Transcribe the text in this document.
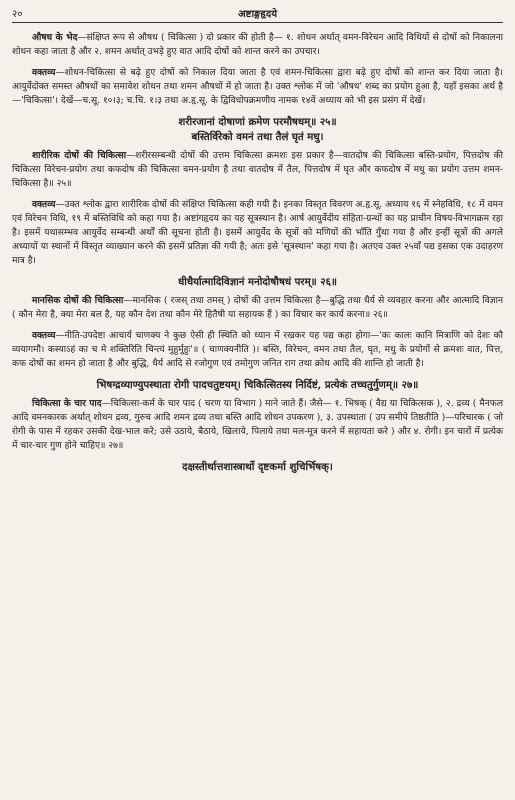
२०	अष्टाङ्गहृदये

औषध के भेद—संक्षिप्त रूप से औषध ( चिकित्सा ) दो प्रकार की होती है— १. शोधन अर्थात् वमन-विरेचन आदि विधियों से दोषों को निकालना शोधन कहा जाता है और २. शमन अर्थात् उभड़े हुए वात आदि दोषों को शान्त करने का उपचार।

वक्तव्य—शोधन-चिकित्सा से बढ़े हुए दोषों को निकाल दिया जाता है एवं शमन-चिकित्सा द्वारा बढ़े हुए दोषों को शान्त कर दिया जाता है। आयुर्वेदोक्त समस्त औषधों का समावेश शोधन तथा शमन औषधों में हो जाता है। उक्त श्लोक में जो 'औषध' शब्द का प्रयोग हुआ है, यहाँ इसका अर्थ है—'चिकित्सा'। देखें—च.सू. १०।३; च.चि. १।३ तथा अ.हृ.सू. के द्विविधोपक्रमणीय नामक १४वें अध्याय को भी इस प्रसंग में देखें।

शरीरजानां दोषाणां क्रमेण परमौषधम्॥ २५॥

बस्तिर्विरेको वमनं तथा तैलं घृतं मधु।

शारीरिक दोषों की चिकित्सा—शरीरसम्बन्धी दोषों की उत्तम चिकित्सा क्रमशः इस प्रकार है—वातदोष की चिकित्सा बस्ति-प्रयोग, पित्तदोष की चिकित्सा विरेचन-प्रयोग तथा कफदोष की चिकित्सा वमन-प्रयोग है तथा वातदोष में तैल, पित्तदोष में घृत और कफदोष में मधु का प्रयोग उत्तम शमन-चिकित्सा है॥ २५॥

वक्तव्य—उक्त श्लोक द्वारा शारीरिक दोषों की संक्षिप्त चिकित्सा कही गयी है। इनका विस्तृत विवरण अ.हृ.सू. अध्याय १६ में स्नेहविधि, १८ में वमन एवं विरेचन विधि, १९ में बस्तिविधि को कहा गया है। अष्टांगहृदय का यह सूत्रस्थान है। आर्ष आयुर्वेदीय संहिता-ग्रन्थों का यह प्राचीन विषय-विभागक्रम रहा है। इसमें यथासम्भव आयुर्वेद सम्बन्धी अर्थों की सूचना होती है। इसमें आयुर्वेद के सूत्रों को मणियों की भाँति गुँथा गया है और इन्हीं सूत्रों की अगले अध्यायों या स्थानों में विस्तृत व्याख्यान करने की इसमें प्रतिज्ञा की गयी है; अतः इसे 'सूत्रस्थान' कहा गया है। अतएव उक्त २५वाँ पद्य इसका एक उदाहरण मात्र है।

धीधैर्यात्मादिविज्ञानं मनोदोषौषधं परम्॥ २६॥

मानसिक दोषों की चिकित्सा—मानसिक ( रजस् तथा तमस् ) दोषों की उत्तम चिकित्सा है—बुद्धि तथा धैर्य से व्यवहार करना और आत्मादि विज्ञान ( कौन मेरा है, क्या मेरा बल है, यह कौन देश तथा कौन मेरे हितैषी या सहायक हैं ) का विचार कर कार्य करना॥ २६॥

वक्तव्य—नीति-उपदेष्टा आचार्य चाणक्य ने कुछ ऐसी ही स्थिति को ध्यान में रखकर यह पद्य कहा होगा—'कः कालः कानि मित्राणि को देशः कौ व्ययागमौ। कस्याऽहं का च मे शक्तिरिति चिन्त्यं मुहुर्मुहुः'॥ ( चाणक्यनीति )। बस्ति, विरेचन, वमन तथा तैल, घृत, मधु के प्रयोगों से क्रमशः वात, पित्त, कफ दोषों का शमन हो जाता है और बुद्धि, धैर्य आदि से रजोगुण एवं तमोगुण जनित राग तथा क्रोध आदि की शान्ति हो जाती है।

भिषग्द्रव्याण्युपस्थाता रोगी पादचतुष्टयम्। चिकित्सितस्य निर्दिष्टं, प्रत्येकं तच्चतुर्गुणम्॥ २७॥

चिकित्सा के चार पाद—चिकित्सा-कर्म के चार पाद ( चरण या विभाग ) माने जाते हैं। जैसे— १. भिषक् ( वैद्य या चिकित्सक ), २. द्रव्य ( मैनफल आदि वमनकारक अर्थात् शोधन द्रव्य, गुरुच आदि शमन द्रव्य तथा बस्ति आदि शोधन उपकरण ), ३. उपस्थाता ( उप समीपे तिष्ठतीति )—परिचारक ( जो रोगी के पास में रहकर उसकी देख-भाल करे; उसे उठाये, बैठाये, खिलाये, पिलाये तथा मल-मूत्र करने में सहायता करे ) और ४. रोगी। इन चारों में प्रत्येक में चार-चार गुण होने चाहिए॥ २७॥

दक्षस्तीर्थात्तशास्त्रार्थो दृष्टकर्मा शुचिर्भिषक्।
